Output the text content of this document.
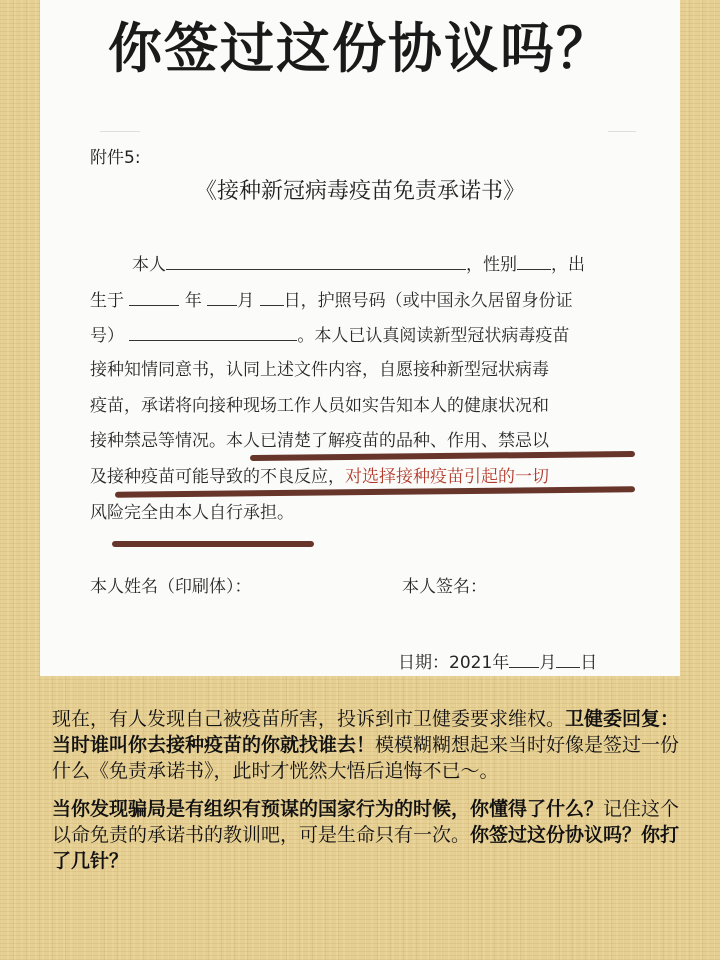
你签过这份协议吗？
附件5:
《接种新冠病毒疫苗免责承诺书》
本人	，性别 ，出
生于	年 月 日，护照号码（或中国永久居留身份证
号）	。本人已认真阅读新型冠状病毒疫苗
接种知情同意书，认同上述文件内容，自愿接种新型冠状病毒
疫苗，承诺将向接种现场工作人员如实告知本人的健康状况和
接种禁忌等情况。本人已清楚了解疫苗的品种、作用、禁忌以
及接种疫苗可能导致的不良反应，对选择接种疫苗引起的一切
风险完全由本人自行承担。
本人姓名（印刷体）：	本人签名：
日期：2021年 月 日

现在，有人发现自己被疫苗所害，投诉到市卫健委要求维权。卫健委回复：当时谁叫你去接种疫苗的你就找谁去！模模糊糊想起来当时好像是签过一份什么《免责承诺书》，此时才恍然大悟后追悔不已～。

当你发现骗局是有组织有预谋的国家行为的时候，你懂得了什么？记住这个以命免责的承诺书的教训吧，可是生命只有一次。你签过这份协议吗？你打了几针？
